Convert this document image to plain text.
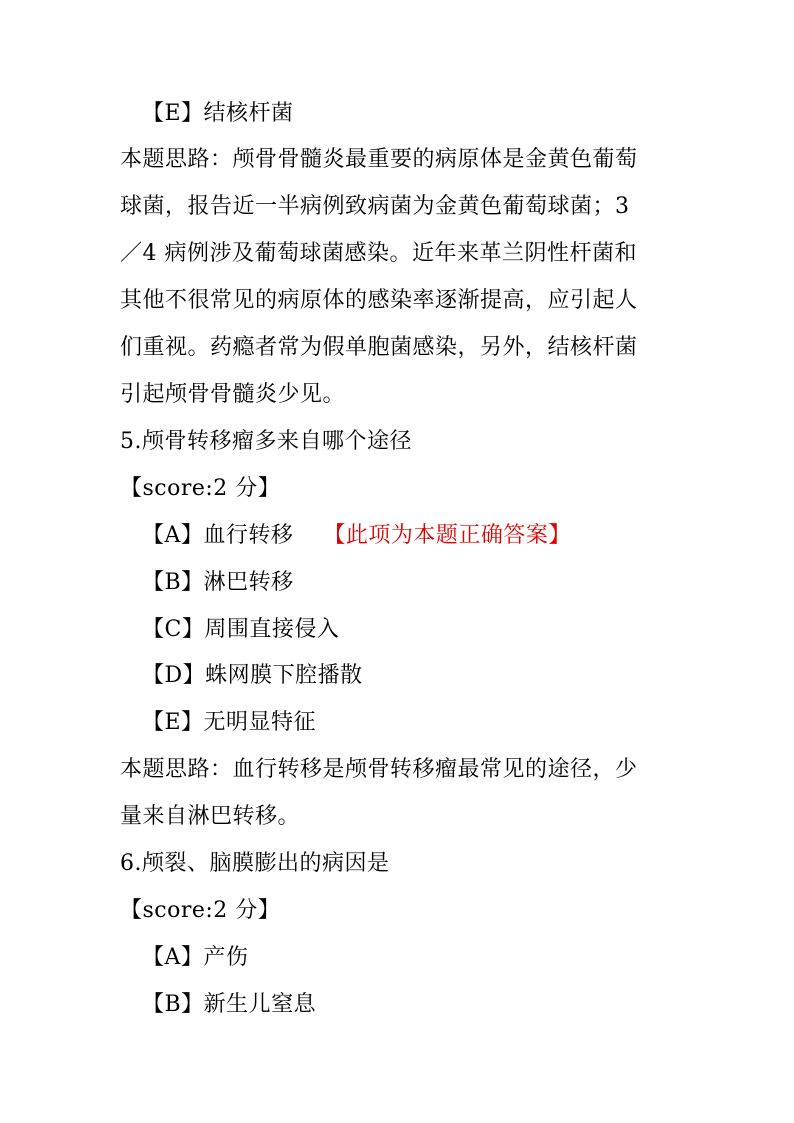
【E】结核杆菌
本题思路：颅骨骨髓炎最重要的病原体是金黄色葡萄
球菌，报告近一半病例致病菌为金黄色葡萄球菌；3
／4 病例涉及葡萄球菌感染。近年来革兰阴性杆菌和
其他不很常见的病原体的感染率逐渐提高，应引起人
们重视。药瘾者常为假单胞菌感染，另外，结核杆菌
引起颅骨骨髓炎少见。
5.颅骨转移瘤多来自哪个途径
【score:2 分】
【A】血行转移 【此项为本题正确答案】
【B】淋巴转移
【C】周围直接侵入
【D】蛛网膜下腔播散
【E】无明显特征
本题思路：血行转移是颅骨转移瘤最常见的途径，少
量来自淋巴转移。
6.颅裂、脑膜膨出的病因是
【score:2 分】
【A】产伤
【B】新生儿窒息
